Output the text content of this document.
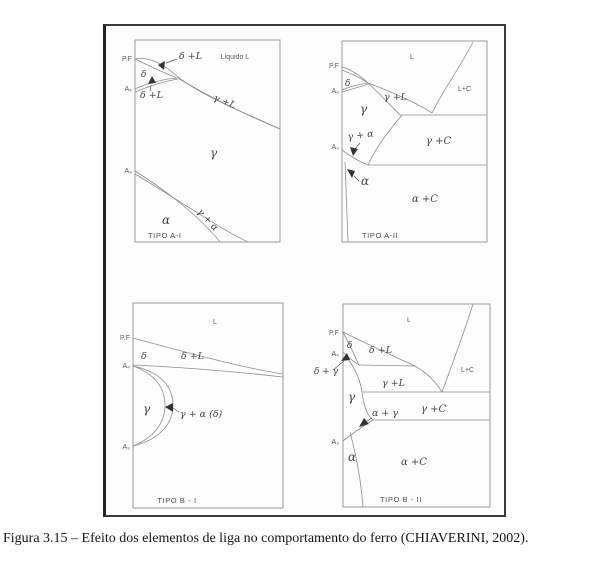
P.F
A₄
A₃
Liquido L
δ +L
δ
δ +L	γ +L
γ
γ + α
α
TIPO A-I
P.F
A₄
A₃
L
L+C
δ
γ +L
γ
γ + α	γ +C
α
α +C
TIPO A-II
P.F
A₄
A₃
L
δ	δ +L
γ	γ + α (δ)
TIPO B - I
P.F
A₄
δ + γ
A₃
L
δ δ +L
L+C
γ +L
γ
α + γ γ +C
α	α +C
TIPO B - II
Figura 3.15 – Efeito dos elementos de liga no comportamento do ferro (CHIAVERINI, 2002).
